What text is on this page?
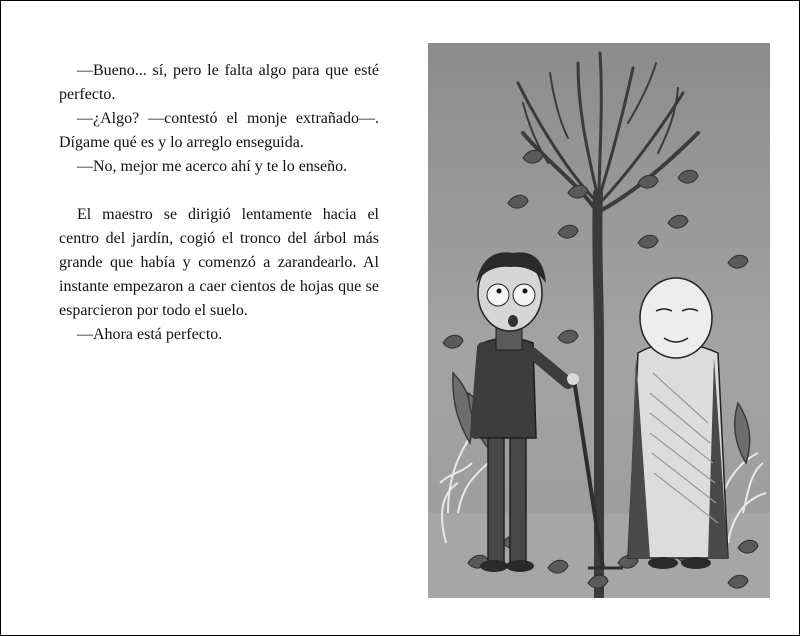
—Bueno... sí, pero le falta algo para que esté perfecto.

—¿Algo? —contestó el monje extrañado—. Dígame qué es y lo arreglo enseguida.

—No, mejor me acerco ahí y te lo enseño.

El maestro se dirigió lentamente hacia el centro del jardín, cogió el tronco del árbol más grande que había y comenzó a zarandearlo. Al instante empezaron a caer cientos de hojas que se esparcieron por todo el suelo.

—Ahora está perfecto.
